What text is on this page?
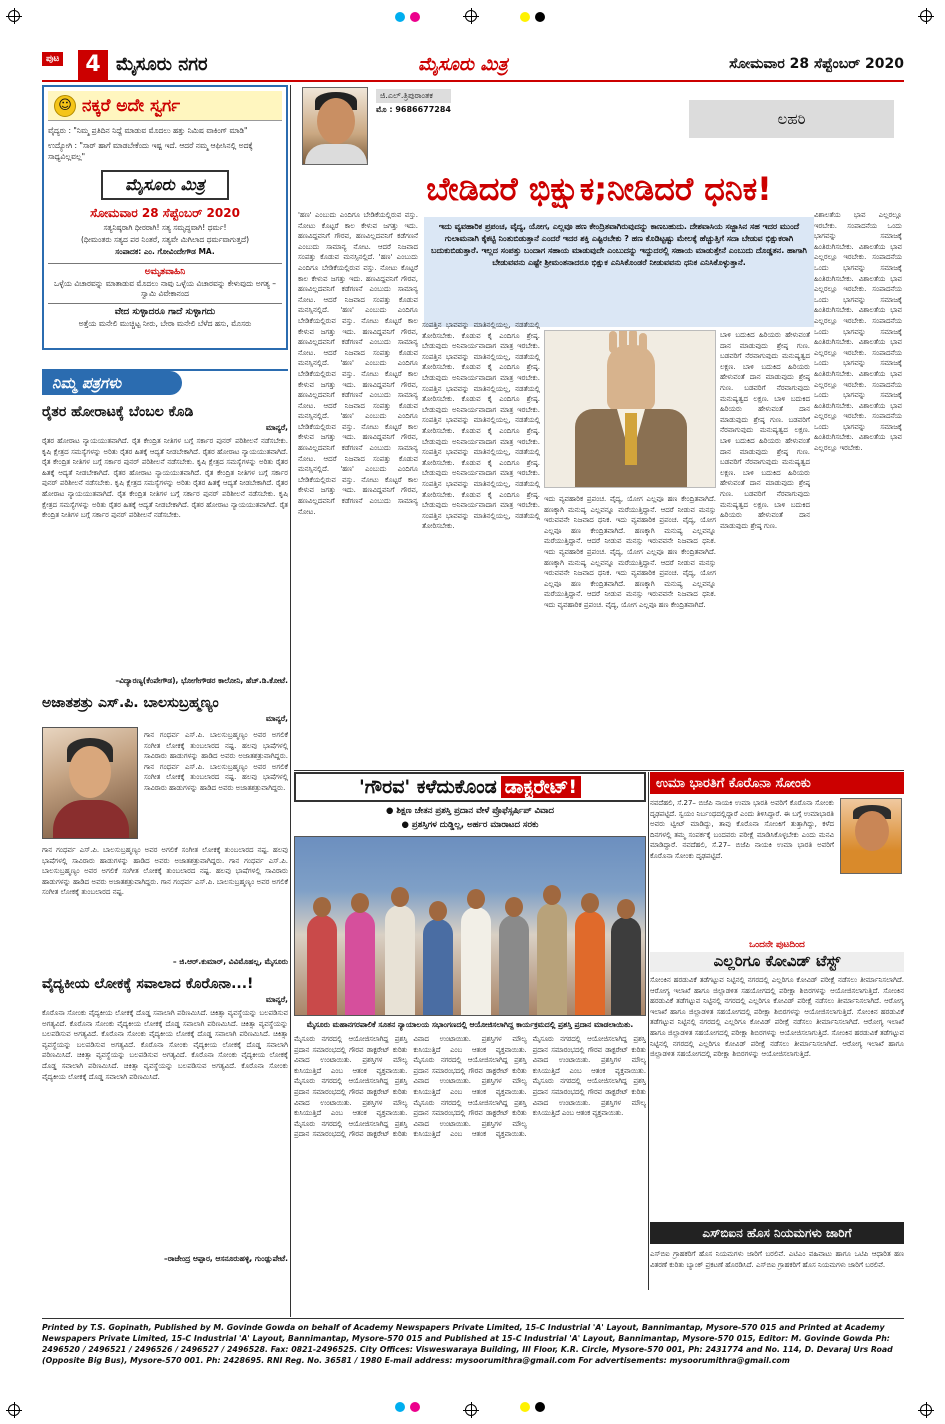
ಪುಟ	4 ಮೈಸೂರು ನಗರ	ಮೈಸೂರು ಮಿತ್ರ	ಸೋಮವಾರ 28 ಸೆಪ್ಟೆಂಬರ್ 2020
☺ ನಕ್ಕರೆ ಅದೇ ಸ್ವರ್ಗ
ವೈದ್ಯರು : "ನಿಮ್ಮ ಪ್ರತಿದಿನ ನಿದ್ದೆ ಮಾಡುವ ಮೊದಲು ಹತ್ತು ನಿಮಿಷ ವಾಕಿಂಗ್ ಮಾಡಿ"
ಉದ್ಯೋಗಿ : "ಸಾರ್ ಹಾಗೆ ಮಾಡಬೇಕೆಂದು ಇಷ್ಟ ಇದೆ. ಆದರೆ ನಮ್ಮ ಆಫೀಸಿನಲ್ಲಿ ಅದಕ್ಕೆ ಸಾಧ್ಯವಿಲ್ಲವಲ್ಲ"
ಮೈಸೂರು ಮಿತ್ರ
ಸೋಮವಾರ 28 ಸೆಪ್ಟೆಂಬರ್ 2020
ಸತ್ಯನಿಷ್ಠರಾಗಿ ಧೀರರಾಗಿ! ಸತ್ಯ ಸಮೃದ್ಧವಾಗಿ! ಧರ್ಮ!
(ಧೀಮಂತರು ಸತ್ಯದ ಪರ ನಿಂತರೆ, ಸತ್ಯವೇ ಮಿಗಿಲಾದ ಧರ್ಮವಾಗುತ್ತದೆ)
ಸಂಪಾದಕ: ಎಂ. ಗೋವಿಂದೇಗೌಡ MA.
ಅಮೃತವಾಹಿನಿ
ಒಳ್ಳೆಯ ವಿಚಾರವನ್ನು ಮಾತಾಡುವ ಮೊದಲು ನಾವು ಒಳ್ಳೆಯ ವಿಚಾರವನ್ನು ಕೇಳುವುದು ಅಗತ್ಯ –ಸ್ವಾಮಿ ವಿವೇಕಾನಂದ
ವೇದ ಸುಳ್ಳಾದರೂ ಗಾದೆ ಸುಳ್ಳಾಗದು
ಅತ್ತೆಯ ಮನೇಲಿ ಮುಚ್ಚಿಟ್ಟ ನೀರು, ಬೇರಾ ಮನೇಲಿ ಬೆಳೆದ ಹಸು, ಮೊಸರು
ನಿಮ್ಮ ಪತ್ರಗಳು
ರೈತರ ಹೋರಾಟಕ್ಕೆ ಬೆಂಬಲ ಕೊಡಿ
ಮಾನ್ಯರೆ,
ರೈತರ ಹೋರಾಟ ನ್ಯಾಯಯುತವಾಗಿದೆ. ರೈತ ಕೇಂದ್ರಿತ ನೀತಿಗಳ ಬಗ್ಗೆ ಸರ್ಕಾರ ಪುನರ್ ಪರಿಶೀಲನೆ ನಡೆಸಬೇಕು. ಕೃಷಿ ಕ್ಷೇತ್ರದ ಸಮಸ್ಯೆಗಳನ್ನು ಅರಿತು ರೈತರ ಹಿತಕ್ಕೆ ಆದ್ಯತೆ ನೀಡಬೇಕಾಗಿದೆ. ರೈತರ ಹೋರಾಟ ನ್ಯಾಯಯುತವಾಗಿದೆ. ರೈತ ಕೇಂದ್ರಿತ ನೀತಿಗಳ ಬಗ್ಗೆ ಸರ್ಕಾರ ಪುನರ್ ಪರಿಶೀಲನೆ ನಡೆಸಬೇಕು. ಕೃಷಿ ಕ್ಷೇತ್ರದ ಸಮಸ್ಯೆಗಳನ್ನು ಅರಿತು ರೈತರ ಹಿತಕ್ಕೆ ಆದ್ಯತೆ ನೀಡಬೇಕಾಗಿದೆ. ರೈತರ ಹೋರಾಟ ನ್ಯಾಯಯುತವಾಗಿದೆ. ರೈತ ಕೇಂದ್ರಿತ ನೀತಿಗಳ ಬಗ್ಗೆ ಸರ್ಕಾರ ಪುನರ್ ಪರಿಶೀಲನೆ ನಡೆಸಬೇಕು. ಕೃಷಿ ಕ್ಷೇತ್ರದ ಸಮಸ್ಯೆಗಳನ್ನು ಅರಿತು ರೈತರ ಹಿತಕ್ಕೆ ಆದ್ಯತೆ ನೀಡಬೇಕಾಗಿದೆ. ರೈತರ ಹೋರಾಟ ನ್ಯಾಯಯುತವಾಗಿದೆ. ರೈತ ಕೇಂದ್ರಿತ ನೀತಿಗಳ ಬಗ್ಗೆ ಸರ್ಕಾರ ಪುನರ್ ಪರಿಶೀಲನೆ ನಡೆಸಬೇಕು. ಕೃಷಿ ಕ್ಷೇತ್ರದ ಸಮಸ್ಯೆಗಳನ್ನು ಅರಿತು ರೈತರ ಹಿತಕ್ಕೆ ಆದ್ಯತೆ ನೀಡಬೇಕಾಗಿದೆ. ರೈತರ ಹೋರಾಟ ನ್ಯಾಯಯುತವಾಗಿದೆ. ರೈತ ಕೇಂದ್ರಿತ ನೀತಿಗಳ ಬಗ್ಗೆ ಸರ್ಕಾರ ಪುನರ್ ಪರಿಶೀಲನೆ ನಡೆಸಬೇಕು.
–ವಿದ್ಯಾರಣ್ಯ(ಕೆಂಪೇಗೌಡ), ಭೋಗೇಗೌಡರ ಕಾಲೋನಿ, ಹೆಚ್.ಡಿ.ಕೋಟೆ.
ಅಜಾತಶತ್ರು ಎಸ್.ಪಿ. ಬಾಲಸುಬ್ರಹ್ಮಣ್ಯಂ
ಮಾನ್ಯರೆ,
ಗಾನ ಗಂಧರ್ವ ಎಸ್.ಪಿ. ಬಾಲಸುಬ್ರಹ್ಮಣ್ಯಂ ಅವರ ಅಗಲಿಕೆ ಸಂಗೀತ ಲೋಕಕ್ಕೆ ತುಂಬಲಾರದ ನಷ್ಟ. ಹಲವು ಭಾಷೆಗಳಲ್ಲಿ ಸಾವಿರಾರು ಹಾಡುಗಳನ್ನು ಹಾಡಿದ ಅವರು ಅಜಾತಶತ್ರುವಾಗಿದ್ದರು. ಗಾನ ಗಂಧರ್ವ ಎಸ್.ಪಿ. ಬಾಲಸುಬ್ರಹ್ಮಣ್ಯಂ ಅವರ ಅಗಲಿಕೆ ಸಂಗೀತ ಲೋಕಕ್ಕೆ ತುಂಬಲಾರದ ನಷ್ಟ. ಹಲವು ಭಾಷೆಗಳಲ್ಲಿ ಸಾವಿರಾರು ಹಾಡುಗಳನ್ನು ಹಾಡಿದ ಅವರು ಅಜಾತಶತ್ರುವಾಗಿದ್ದರು.
ಗಾನ ಗಂಧರ್ವ ಎಸ್.ಪಿ. ಬಾಲಸುಬ್ರಹ್ಮಣ್ಯಂ ಅವರ ಅಗಲಿಕೆ ಸಂಗೀತ ಲೋಕಕ್ಕೆ ತುಂಬಲಾರದ ನಷ್ಟ. ಹಲವು ಭಾಷೆಗಳಲ್ಲಿ ಸಾವಿರಾರು ಹಾಡುಗಳನ್ನು ಹಾಡಿದ ಅವರು ಅಜಾತಶತ್ರುವಾಗಿದ್ದರು. ಗಾನ ಗಂಧರ್ವ ಎಸ್.ಪಿ. ಬಾಲಸುಬ್ರಹ್ಮಣ್ಯಂ ಅವರ ಅಗಲಿಕೆ ಸಂಗೀತ ಲೋಕಕ್ಕೆ ತುಂಬಲಾರದ ನಷ್ಟ. ಹಲವು ಭಾಷೆಗಳಲ್ಲಿ ಸಾವಿರಾರು ಹಾಡುಗಳನ್ನು ಹಾಡಿದ ಅವರು ಅಜಾತಶತ್ರುವಾಗಿದ್ದರು. ಗಾನ ಗಂಧರ್ವ ಎಸ್.ಪಿ. ಬಾಲಸುಬ್ರಹ್ಮಣ್ಯಂ ಅವರ ಅಗಲಿಕೆ ಸಂಗೀತ ಲೋಕಕ್ಕೆ ತುಂಬಲಾರದ ನಷ್ಟ.
– ಜಿ.ಆರ್.ಕುಮಾರ್, ವಿವಿಮೊಹಲ್ಲ, ಮೈಸೂರು
ವೈದ್ಯಕೀಯ ಲೋಕಕ್ಕೆ ಸವಾಲಾದ ಕೊರೊನಾ...!
ಮಾನ್ಯರೆ,
ಕೊರೊನಾ ಸೋಂಕು ವೈದ್ಯಕೀಯ ಲೋಕಕ್ಕೆ ದೊಡ್ಡ ಸವಾಲಾಗಿ ಪರಿಣಮಿಸಿದೆ. ಚಿಕಿತ್ಸಾ ವ್ಯವಸ್ಥೆಯನ್ನು ಬಲಪಡಿಸುವ ಅಗತ್ಯವಿದೆ. ಕೊರೊನಾ ಸೋಂಕು ವೈದ್ಯಕೀಯ ಲೋಕಕ್ಕೆ ದೊಡ್ಡ ಸವಾಲಾಗಿ ಪರಿಣಮಿಸಿದೆ. ಚಿಕಿತ್ಸಾ ವ್ಯವಸ್ಥೆಯನ್ನು ಬಲಪಡಿಸುವ ಅಗತ್ಯವಿದೆ. ಕೊರೊನಾ ಸೋಂಕು ವೈದ್ಯಕೀಯ ಲೋಕಕ್ಕೆ ದೊಡ್ಡ ಸವಾಲಾಗಿ ಪರಿಣಮಿಸಿದೆ. ಚಿಕಿತ್ಸಾ ವ್ಯವಸ್ಥೆಯನ್ನು ಬಲಪಡಿಸುವ ಅಗತ್ಯವಿದೆ. ಕೊರೊನಾ ಸೋಂಕು ವೈದ್ಯಕೀಯ ಲೋಕಕ್ಕೆ ದೊಡ್ಡ ಸವಾಲಾಗಿ ಪರಿಣಮಿಸಿದೆ. ಚಿಕಿತ್ಸಾ ವ್ಯವಸ್ಥೆಯನ್ನು ಬಲಪಡಿಸುವ ಅಗತ್ಯವಿದೆ. ಕೊರೊನಾ ಸೋಂಕು ವೈದ್ಯಕೀಯ ಲೋಕಕ್ಕೆ ದೊಡ್ಡ ಸವಾಲಾಗಿ ಪರಿಣಮಿಸಿದೆ. ಚಿಕಿತ್ಸಾ ವ್ಯವಸ್ಥೆಯನ್ನು ಬಲಪಡಿಸುವ ಅಗತ್ಯವಿದೆ. ಕೊರೊನಾ ಸೋಂಕು ವೈದ್ಯಕೀಯ ಲೋಕಕ್ಕೆ ದೊಡ್ಡ ಸವಾಲಾಗಿ ಪರಿಣಮಿಸಿದೆ.
–ರಾಜೇಂದ್ರ ಆಪ್ಪಾರ, ಆಸನೂರುಹಳ್ಳಿ, ಗುಂಡ್ಲುಪೇಟೆ.
ಜಿ.ಎಲ್.ತ್ರಿಪುರಾಂತಕ
ಮೊ : 9686677284
ಲಹರಿ
ಬೇಡಿದರೆ ಭಿಕ್ಷುಕ;ನೀಡಿದರೆ ಧನಿಕ!
ಇದು ವ್ಯವಹಾರಿಕ ಪ್ರಪಂಚ, ವೈದ್ಯ, ಯೋಗ, ಎಲ್ಲವೂ ಹಣ ಕೇಂದ್ರಿತವಾಗಿರುವುದನ್ನು ಕಾಣಬಹುದು. ದೇಶವಾಸಿಯ ಸಜ್ಜಾಸಿನ ಸಹ ಇದರ ಮುಂದೆ ಗುಲಾಮನಾಗಿ ಕೈಕಟ್ಟಿ ನಿಂತುಬಿಡುತ್ತಾನೆ ಎಂದರೆ ಇದರ ಶಕ್ತಿ ಎಷ್ಟಿರಬೇಕು ? ಹಣ ಕೊಡಿಟ್ಟಷ್ಟು ಮೇಲಕ್ಕೆ ಹೆಚ್ಚುತ್ತಿಗೆ ಸದಾ ಬೇಡುವ ಭಿಕ್ಷುಕರಾಗಿ ಬದುಕುಬಿಡುತ್ತಾರೆ. ಇಲ್ಲದ ಸಂಪತ್ತು ಬಂದಾಗ ಸಹಾಯ ಮಾಡುವುದೇ ಎಂಬುದನ್ನು ಇದ್ದುದರಲ್ಲಿ ಸಹಾಯ ಮಾಡುತ್ತೇನೆ ಎಂಬುದು ದೊಡ್ಡತನ. ಹಾಗಾಗಿ ಬೇಡುವವನು ಎಷ್ಟೇ ಶ್ರೀಮಂತನಾದರೂ ಭಿಕ್ಷುಕ ಎನಿಸಿಕೊಂಡರೆ ನೀಡುವವನು ಧನಿಕ ಎನಿಸಿಕೊಳ್ಳುತ್ತಾನೆ.
'ಹಣ' ಎಂಬುದು ಎಂದಿಗೂ ಬೇಡಿಕೆಯಲ್ಲಿರುವ ವಸ್ತು. ನೋಟು ಕೊಟ್ಟರೆ ಕಾಲ ಕೇಳುವ ಜಗತ್ತು ಇದು. ಹಣವಿದ್ದವನಿಗೆ ಗೌರವ, ಹಣವಿಲ್ಲದವನಿಗೆ ಕಡೆಗಣನೆ ಎಂಬುದು ಸಾಮಾನ್ಯ ನೋಟ. ಆದರೆ ನಿಜವಾದ ಸಂಪತ್ತು ಕೊಡುವ ಮನಸ್ಸಿನಲ್ಲಿದೆ. 'ಹಣ' ಎಂಬುದು ಎಂದಿಗೂ ಬೇಡಿಕೆಯಲ್ಲಿರುವ ವಸ್ತು. ನೋಟು ಕೊಟ್ಟರೆ ಕಾಲ ಕೇಳುವ ಜಗತ್ತು ಇದು. ಹಣವಿದ್ದವನಿಗೆ ಗೌರವ, ಹಣವಿಲ್ಲದವನಿಗೆ ಕಡೆಗಣನೆ ಎಂಬುದು ಸಾಮಾನ್ಯ ನೋಟ. ಆದರೆ ನಿಜವಾದ ಸಂಪತ್ತು ಕೊಡುವ ಮನಸ್ಸಿನಲ್ಲಿದೆ. 'ಹಣ' ಎಂಬುದು ಎಂದಿಗೂ ಬೇಡಿಕೆಯಲ್ಲಿರುವ ವಸ್ತು. ನೋಟು ಕೊಟ್ಟರೆ ಕಾಲ ಕೇಳುವ ಜಗತ್ತು ಇದು. ಹಣವಿದ್ದವನಿಗೆ ಗೌರವ, ಹಣವಿಲ್ಲದವನಿಗೆ ಕಡೆಗಣನೆ ಎಂಬುದು ಸಾಮಾನ್ಯ ನೋಟ. ಆದರೆ ನಿಜವಾದ ಸಂಪತ್ತು ಕೊಡುವ ಮನಸ್ಸಿನಲ್ಲಿದೆ. 'ಹಣ' ಎಂಬುದು ಎಂದಿಗೂ ಬೇಡಿಕೆಯಲ್ಲಿರುವ ವಸ್ತು. ನೋಟು ಕೊಟ್ಟರೆ ಕಾಲ ಕೇಳುವ ಜಗತ್ತು ಇದು. ಹಣವಿದ್ದವನಿಗೆ ಗೌರವ, ಹಣವಿಲ್ಲದವನಿಗೆ ಕಡೆಗಣನೆ ಎಂಬುದು ಸಾಮಾನ್ಯ ನೋಟ. ಆದರೆ ನಿಜವಾದ ಸಂಪತ್ತು ಕೊಡುವ ಮನಸ್ಸಿನಲ್ಲಿದೆ. 'ಹಣ' ಎಂಬುದು ಎಂದಿಗೂ ಬೇಡಿಕೆಯಲ್ಲಿರುವ ವಸ್ತು. ನೋಟು ಕೊಟ್ಟರೆ ಕಾಲ ಕೇಳುವ ಜಗತ್ತು ಇದು. ಹಣವಿದ್ದವನಿಗೆ ಗೌರವ, ಹಣವಿಲ್ಲದವನಿಗೆ ಕಡೆಗಣನೆ ಎಂಬುದು ಸಾಮಾನ್ಯ ನೋಟ. ಆದರೆ ನಿಜವಾದ ಸಂಪತ್ತು ಕೊಡುವ ಮನಸ್ಸಿನಲ್ಲಿದೆ. 'ಹಣ' ಎಂಬುದು ಎಂದಿಗೂ ಬೇಡಿಕೆಯಲ್ಲಿರುವ ವಸ್ತು. ನೋಟು ಕೊಟ್ಟರೆ ಕಾಲ ಕೇಳುವ ಜಗತ್ತು ಇದು. ಹಣವಿದ್ದವನಿಗೆ ಗೌರವ, ಹಣವಿಲ್ಲದವನಿಗೆ ಕಡೆಗಣನೆ ಎಂಬುದು ಸಾಮಾನ್ಯ ನೋಟ.
ಸಂಪತ್ತಿನ ಭಾವವನ್ನು ಮಾತಿನಲ್ಲಿಯಲ್ಲ, ನಡತೆಯಲ್ಲಿ ತೋರಿಸಬೇಕು. ಕೊಡುವ ಕೈ ಎಂದಿಗೂ ಶ್ರೇಷ್ಠ. ಬೇಡುವುದು ಅನಿವಾರ್ಯವಾದಾಗ ಮಾತ್ರ ಇರಬೇಕು. ಸಂಪತ್ತಿನ ಭಾವವನ್ನು ಮಾತಿನಲ್ಲಿಯಲ್ಲ, ನಡತೆಯಲ್ಲಿ ತೋರಿಸಬೇಕು. ಕೊಡುವ ಕೈ ಎಂದಿಗೂ ಶ್ರೇಷ್ಠ. ಬೇಡುವುದು ಅನಿವಾರ್ಯವಾದಾಗ ಮಾತ್ರ ಇರಬೇಕು. ಸಂಪತ್ತಿನ ಭಾವವನ್ನು ಮಾತಿನಲ್ಲಿಯಲ್ಲ, ನಡತೆಯಲ್ಲಿ ತೋರಿಸಬೇಕು. ಕೊಡುವ ಕೈ ಎಂದಿಗೂ ಶ್ರೇಷ್ಠ. ಬೇಡುವುದು ಅನಿವಾರ್ಯವಾದಾಗ ಮಾತ್ರ ಇರಬೇಕು. ಸಂಪತ್ತಿನ ಭಾವವನ್ನು ಮಾತಿನಲ್ಲಿಯಲ್ಲ, ನಡತೆಯಲ್ಲಿ ತೋರಿಸಬೇಕು. ಕೊಡುವ ಕೈ ಎಂದಿಗೂ ಶ್ರೇಷ್ಠ. ಬೇಡುವುದು ಅನಿವಾರ್ಯವಾದಾಗ ಮಾತ್ರ ಇರಬೇಕು. ಸಂಪತ್ತಿನ ಭಾವವನ್ನು ಮಾತಿನಲ್ಲಿಯಲ್ಲ, ನಡತೆಯಲ್ಲಿ ತೋರಿಸಬೇಕು. ಕೊಡುವ ಕೈ ಎಂದಿಗೂ ಶ್ರೇಷ್ಠ. ಬೇಡುವುದು ಅನಿವಾರ್ಯವಾದಾಗ ಮಾತ್ರ ಇರಬೇಕು. ಸಂಪತ್ತಿನ ಭಾವವನ್ನು ಮಾತಿನಲ್ಲಿಯಲ್ಲ, ನಡತೆಯಲ್ಲಿ ತೋರಿಸಬೇಕು. ಕೊಡುವ ಕೈ ಎಂದಿಗೂ ಶ್ರೇಷ್ಠ. ಬೇಡುವುದು ಅನಿವಾರ್ಯವಾದಾಗ ಮಾತ್ರ ಇರಬೇಕು. ಸಂಪತ್ತಿನ ಭಾವವನ್ನು ಮಾತಿನಲ್ಲಿಯಲ್ಲ, ನಡತೆಯಲ್ಲಿ ತೋರಿಸಬೇಕು.
ಇದು ವ್ಯವಹಾರಿಕ ಪ್ರಪಂಚ. ವೈದ್ಯ, ಯೋಗ ಎಲ್ಲವೂ ಹಣ ಕೇಂದ್ರಿತವಾಗಿದೆ. ಹಣಕ್ಕಾಗಿ ಮನುಷ್ಯ ಎಲ್ಲವನ್ನೂ ಮರೆಯುತ್ತಿದ್ದಾನೆ. ಆದರೆ ನೀಡುವ ಮನಸ್ಸು ಇರುವವನೇ ನಿಜವಾದ ಧನಿಕ. ಇದು ವ್ಯವಹಾರಿಕ ಪ್ರಪಂಚ. ವೈದ್ಯ, ಯೋಗ ಎಲ್ಲವೂ ಹಣ ಕೇಂದ್ರಿತವಾಗಿದೆ. ಹಣಕ್ಕಾಗಿ ಮನುಷ್ಯ ಎಲ್ಲವನ್ನೂ ಮರೆಯುತ್ತಿದ್ದಾನೆ. ಆದರೆ ನೀಡುವ ಮನಸ್ಸು ಇರುವವನೇ ನಿಜವಾದ ಧನಿಕ. ಇದು ವ್ಯವಹಾರಿಕ ಪ್ರಪಂಚ. ವೈದ್ಯ, ಯೋಗ ಎಲ್ಲವೂ ಹಣ ಕೇಂದ್ರಿತವಾಗಿದೆ. ಹಣಕ್ಕಾಗಿ ಮನುಷ್ಯ ಎಲ್ಲವನ್ನೂ ಮರೆಯುತ್ತಿದ್ದಾನೆ. ಆದರೆ ನೀಡುವ ಮನಸ್ಸು ಇರುವವನೇ ನಿಜವಾದ ಧನಿಕ. ಇದು ವ್ಯವಹಾರಿಕ ಪ್ರಪಂಚ. ವೈದ್ಯ, ಯೋಗ ಎಲ್ಲವೂ ಹಣ ಕೇಂದ್ರಿತವಾಗಿದೆ. ಹಣಕ್ಕಾಗಿ ಮನುಷ್ಯ ಎಲ್ಲವನ್ನೂ ಮರೆಯುತ್ತಿದ್ದಾನೆ. ಆದರೆ ನೀಡುವ ಮನಸ್ಸು ಇರುವವನೇ ನಿಜವಾದ ಧನಿಕ. ಇದು ವ್ಯವಹಾರಿಕ ಪ್ರಪಂಚ. ವೈದ್ಯ, ಯೋಗ ಎಲ್ಲವೂ ಹಣ ಕೇಂದ್ರಿತವಾಗಿದೆ.
ಬಾಳಿ ಬದುಕಿದ ಹಿರಿಯರು ಹೇಳುವಂತೆ ದಾನ ಮಾಡುವುದು ಶ್ರೇಷ್ಠ ಗುಣ. ಬಡವರಿಗೆ ನೆರವಾಗುವುದು ಮನುಷ್ಯತ್ವದ ಲಕ್ಷಣ. ಬಾಳಿ ಬದುಕಿದ ಹಿರಿಯರು ಹೇಳುವಂತೆ ದಾನ ಮಾಡುವುದು ಶ್ರೇಷ್ಠ ಗುಣ. ಬಡವರಿಗೆ ನೆರವಾಗುವುದು ಮನುಷ್ಯತ್ವದ ಲಕ್ಷಣ. ಬಾಳಿ ಬದುಕಿದ ಹಿರಿಯರು ಹೇಳುವಂತೆ ದಾನ ಮಾಡುವುದು ಶ್ರೇಷ್ಠ ಗುಣ. ಬಡವರಿಗೆ ನೆರವಾಗುವುದು ಮನುಷ್ಯತ್ವದ ಲಕ್ಷಣ. ಬಾಳಿ ಬದುಕಿದ ಹಿರಿಯರು ಹೇಳುವಂತೆ ದಾನ ಮಾಡುವುದು ಶ್ರೇಷ್ಠ ಗುಣ. ಬಡವರಿಗೆ ನೆರವಾಗುವುದು ಮನುಷ್ಯತ್ವದ ಲಕ್ಷಣ. ಬಾಳಿ ಬದುಕಿದ ಹಿರಿಯರು ಹೇಳುವಂತೆ ದಾನ ಮಾಡುವುದು ಶ್ರೇಷ್ಠ ಗುಣ. ಬಡವರಿಗೆ ನೆರವಾಗುವುದು ಮನುಷ್ಯತ್ವದ ಲಕ್ಷಣ. ಬಾಳಿ ಬದುಕಿದ ಹಿರಿಯರು ಹೇಳುವಂತೆ ದಾನ ಮಾಡುವುದು ಶ್ರೇಷ್ಠ ಗುಣ.
ವಿಶಾಲತೆಯ ಭಾವ ಎಲ್ಲರಲ್ಲೂ ಇರಬೇಕು. ಸಂಪಾದನೆಯ ಒಂದು ಭಾಗವನ್ನು ಸಮಾಜಕ್ಕೆ ಹಿಂತಿರುಗಿಸಬೇಕು. ವಿಶಾಲತೆಯ ಭಾವ ಎಲ್ಲರಲ್ಲೂ ಇರಬೇಕು. ಸಂಪಾದನೆಯ ಒಂದು ಭಾಗವನ್ನು ಸಮಾಜಕ್ಕೆ ಹಿಂತಿರುಗಿಸಬೇಕು. ವಿಶಾಲತೆಯ ಭಾವ ಎಲ್ಲರಲ್ಲೂ ಇರಬೇಕು. ಸಂಪಾದನೆಯ ಒಂದು ಭಾಗವನ್ನು ಸಮಾಜಕ್ಕೆ ಹಿಂತಿರುಗಿಸಬೇಕು. ವಿಶಾಲತೆಯ ಭಾವ ಎಲ್ಲರಲ್ಲೂ ಇರಬೇಕು. ಸಂಪಾದನೆಯ ಒಂದು ಭಾಗವನ್ನು ಸಮಾಜಕ್ಕೆ ಹಿಂತಿರುಗಿಸಬೇಕು. ವಿಶಾಲತೆಯ ಭಾವ ಎಲ್ಲರಲ್ಲೂ ಇರಬೇಕು. ಸಂಪಾದನೆಯ ಒಂದು ಭಾಗವನ್ನು ಸಮಾಜಕ್ಕೆ ಹಿಂತಿರುಗಿಸಬೇಕು. ವಿಶಾಲತೆಯ ಭಾವ ಎಲ್ಲರಲ್ಲೂ ಇರಬೇಕು. ಸಂಪಾದನೆಯ ಒಂದು ಭಾಗವನ್ನು ಸಮಾಜಕ್ಕೆ ಹಿಂತಿರುಗಿಸಬೇಕು. ವಿಶಾಲತೆಯ ಭಾವ ಎಲ್ಲರಲ್ಲೂ ಇರಬೇಕು. ಸಂಪಾದನೆಯ ಒಂದು ಭಾಗವನ್ನು ಸಮಾಜಕ್ಕೆ ಹಿಂತಿರುಗಿಸಬೇಕು. ವಿಶಾಲತೆಯ ಭಾವ ಎಲ್ಲರಲ್ಲೂ ಇರಬೇಕು.
'ಗೌರವ' ಕಳೆದುಕೊಂಡ ಡಾಕ್ಟರೇಟ್!
● ಶಿಕ್ಷಣ ಚೇತನ ಪ್ರಶಸ್ತಿ ಪ್ರದಾನ ವೇಳೆ ಪ್ರೊಫೆಸ್ಸರ್ಷಿಪ್ ವಿವಾದ
● ಪ್ರಶಸ್ತಿಗಳ ದುಡ್ಡಿಲ್ಲ, ಅರ್ಹರ ಮಾರಾಟದ ಸರಕು
ಮೈಸೂರು ಮಹಾನಗರಪಾಲಿಕೆ ಸೂತನ ನ್ಯಾಯಾಲಯ ಸಭಾಂಗಣದಲ್ಲಿ ಆಯೋಜಿಸಲಾಗಿದ್ದ ಕಾರ್ಯಕ್ರಮದಲ್ಲಿ ಪ್ರಶಸ್ತಿ ಪ್ರದಾನ ಮಾಡಲಾಯಿತು.
ಮೈಸೂರು ನಗರದಲ್ಲಿ ಆಯೋಜಿಸಲಾಗಿದ್ದ ಪ್ರಶಸ್ತಿ ಪ್ರದಾನ ಸಮಾರಂಭದಲ್ಲಿ ಗೌರವ ಡಾಕ್ಟರೇಟ್ ಕುರಿತು ವಿವಾದ ಉಂಟಾಯಿತು. ಪ್ರಶಸ್ತಿಗಳ ಮೌಲ್ಯ ಕುಸಿಯುತ್ತಿದೆ ಎಂಬ ಆತಂಕ ವ್ಯಕ್ತವಾಯಿತು. ಮೈಸೂರು ನಗರದಲ್ಲಿ ಆಯೋಜಿಸಲಾಗಿದ್ದ ಪ್ರಶಸ್ತಿ ಪ್ರದಾನ ಸಮಾರಂಭದಲ್ಲಿ ಗೌರವ ಡಾಕ್ಟರೇಟ್ ಕುರಿತು ವಿವಾದ ಉಂಟಾಯಿತು. ಪ್ರಶಸ್ತಿಗಳ ಮೌಲ್ಯ ಕುಸಿಯುತ್ತಿದೆ ಎಂಬ ಆತಂಕ ವ್ಯಕ್ತವಾಯಿತು. ಮೈಸೂರು ನಗರದಲ್ಲಿ ಆಯೋಜಿಸಲಾಗಿದ್ದ ಪ್ರಶಸ್ತಿ ಪ್ರದಾನ ಸಮಾರಂಭದಲ್ಲಿ ಗೌರವ ಡಾಕ್ಟರೇಟ್ ಕುರಿತು ವಿವಾದ ಉಂಟಾಯಿತು. ಪ್ರಶಸ್ತಿಗಳ ಮೌಲ್ಯ ಕುಸಿಯುತ್ತಿದೆ ಎಂಬ ಆತಂಕ ವ್ಯಕ್ತವಾಯಿತು. ಮೈಸೂರು ನಗರದಲ್ಲಿ ಆಯೋಜಿಸಲಾಗಿದ್ದ ಪ್ರಶಸ್ತಿ ಪ್ರದಾನ ಸಮಾರಂಭದಲ್ಲಿ ಗೌರವ ಡಾಕ್ಟರೇಟ್ ಕುರಿತು ವಿವಾದ ಉಂಟಾಯಿತು. ಪ್ರಶಸ್ತಿಗಳ ಮೌಲ್ಯ ಕುಸಿಯುತ್ತಿದೆ ಎಂಬ ಆತಂಕ ವ್ಯಕ್ತವಾಯಿತು. ಮೈಸೂರು ನಗರದಲ್ಲಿ ಆಯೋಜಿಸಲಾಗಿದ್ದ ಪ್ರಶಸ್ತಿ ಪ್ರದಾನ ಸಮಾರಂಭದಲ್ಲಿ ಗೌರವ ಡಾಕ್ಟರೇಟ್ ಕುರಿತು ವಿವಾದ ಉಂಟಾಯಿತು. ಪ್ರಶಸ್ತಿಗಳ ಮೌಲ್ಯ ಕುಸಿಯುತ್ತಿದೆ ಎಂಬ ಆತಂಕ ವ್ಯಕ್ತವಾಯಿತು. ಮೈಸೂರು ನಗರದಲ್ಲಿ ಆಯೋಜಿಸಲಾಗಿದ್ದ ಪ್ರಶಸ್ತಿ ಪ್ರದಾನ ಸಮಾರಂಭದಲ್ಲಿ ಗೌರವ ಡಾಕ್ಟರೇಟ್ ಕುರಿತು ವಿವಾದ ಉಂಟಾಯಿತು. ಪ್ರಶಸ್ತಿಗಳ ಮೌಲ್ಯ ಕುಸಿಯುತ್ತಿದೆ ಎಂಬ ಆತಂಕ ವ್ಯಕ್ತವಾಯಿತು. ಮೈಸೂರು ನಗರದಲ್ಲಿ ಆಯೋಜಿಸಲಾಗಿದ್ದ ಪ್ರಶಸ್ತಿ ಪ್ರದಾನ ಸಮಾರಂಭದಲ್ಲಿ ಗೌರವ ಡಾಕ್ಟರೇಟ್ ಕುರಿತು ವಿವಾದ ಉಂಟಾಯಿತು. ಪ್ರಶಸ್ತಿಗಳ ಮೌಲ್ಯ ಕುಸಿಯುತ್ತಿದೆ ಎಂಬ ಆತಂಕ ವ್ಯಕ್ತವಾಯಿತು.
ಉಮಾ ಭಾರತಿಗೆ ಕೊರೊನಾ ಸೋಂಕು
ನವದೆಹಲಿ, ಸೆ.27– ಬಿಜೆಪಿ ನಾಯಕಿ ಉಮಾ ಭಾರತಿ ಅವರಿಗೆ ಕೊರೊನಾ ಸೋಂಕು ದೃಢಪಟ್ಟಿದೆ. ಸ್ವಯಂ ನಿರ್ಬಂಧದಲ್ಲಿದ್ದಾರೆ ಎಂದು ತಿಳಿಸಿದ್ದಾರೆ. ಈ ಬಗ್ಗೆ ಉಮಾಭಾರತಿ ಅವರು ಟ್ವೀಟ್ ಮಾಡಿದ್ದು, ತಾವು ಕೊರೊನಾ ಸೋಂಕಿಗೆ ತುತ್ತಾಗಿದ್ದು, ಕಳೆದ ದಿನಗಳಲ್ಲಿ ತಮ್ಮ ಸಂಪರ್ಕಕ್ಕೆ ಬಂದವರು ಪರೀಕ್ಷೆ ಮಾಡಿಸಿಕೊಳ್ಳಬೇಕು ಎಂದು ಮನವಿ ಮಾಡಿದ್ದಾರೆ. ನವದೆಹಲಿ, ಸೆ.27– ಬಿಜೆಪಿ ನಾಯಕಿ ಉಮಾ ಭಾರತಿ ಅವರಿಗೆ ಕೊರೊನಾ ಸೋಂಕು ದೃಢಪಟ್ಟಿದೆ.
ಒಂದನೇ ಪುಟದಿಂದ
ಎಲ್ಲರಿಗೂ ಕೋವಿಡ್ ಟೆಸ್ಟ್
ಸೋಂಕಿನ ಹರಡುವಿಕೆ ತಡೆಗಟ್ಟುವ ನಿಟ್ಟಿನಲ್ಲಿ ನಗರದಲ್ಲಿ ಎಲ್ಲರಿಗೂ ಕೋವಿಡ್ ಪರೀಕ್ಷೆ ನಡೆಸಲು ತೀರ್ಮಾನಿಸಲಾಗಿದೆ. ಆರೋಗ್ಯ ಇಲಾಖೆ ಹಾಗೂ ಜಿಲ್ಲಾಡಳಿತ ಸಹಯೋಗದಲ್ಲಿ ಪರೀಕ್ಷಾ ಶಿಬಿರಗಳನ್ನು ಆಯೋಜಿಸಲಾಗುತ್ತಿದೆ. ಸೋಂಕಿನ ಹರಡುವಿಕೆ ತಡೆಗಟ್ಟುವ ನಿಟ್ಟಿನಲ್ಲಿ ನಗರದಲ್ಲಿ ಎಲ್ಲರಿಗೂ ಕೋವಿಡ್ ಪರೀಕ್ಷೆ ನಡೆಸಲು ತೀರ್ಮಾನಿಸಲಾಗಿದೆ. ಆರೋಗ್ಯ ಇಲಾಖೆ ಹಾಗೂ ಜಿಲ್ಲಾಡಳಿತ ಸಹಯೋಗದಲ್ಲಿ ಪರೀಕ್ಷಾ ಶಿಬಿರಗಳನ್ನು ಆಯೋಜಿಸಲಾಗುತ್ತಿದೆ. ಸೋಂಕಿನ ಹರಡುವಿಕೆ ತಡೆಗಟ್ಟುವ ನಿಟ್ಟಿನಲ್ಲಿ ನಗರದಲ್ಲಿ ಎಲ್ಲರಿಗೂ ಕೋವಿಡ್ ಪರೀಕ್ಷೆ ನಡೆಸಲು ತೀರ್ಮಾನಿಸಲಾಗಿದೆ. ಆರೋಗ್ಯ ಇಲಾಖೆ ಹಾಗೂ ಜಿಲ್ಲಾಡಳಿತ ಸಹಯೋಗದಲ್ಲಿ ಪರೀಕ್ಷಾ ಶಿಬಿರಗಳನ್ನು ಆಯೋಜಿಸಲಾಗುತ್ತಿದೆ. ಸೋಂಕಿನ ಹರಡುವಿಕೆ ತಡೆಗಟ್ಟುವ ನಿಟ್ಟಿನಲ್ಲಿ ನಗರದಲ್ಲಿ ಎಲ್ಲರಿಗೂ ಕೋವಿಡ್ ಪರೀಕ್ಷೆ ನಡೆಸಲು ತೀರ್ಮಾನಿಸಲಾಗಿದೆ. ಆರೋಗ್ಯ ಇಲಾಖೆ ಹಾಗೂ ಜಿಲ್ಲಾಡಳಿತ ಸಹಯೋಗದಲ್ಲಿ ಪರೀಕ್ಷಾ ಶಿಬಿರಗಳನ್ನು ಆಯೋಜಿಸಲಾಗುತ್ತಿದೆ.
ಎಸ್‌ಬಿಐನ ಹೊಸ ನಿಯಮಗಳು ಜಾರಿಗೆ
ಎಸ್‌ಬಿಐ ಗ್ರಾಹಕರಿಗೆ ಹೊಸ ನಿಯಮಗಳು ಜಾರಿಗೆ ಬರಲಿವೆ. ಎಟಿಎಂ ವಹಿವಾಟು ಹಾಗೂ ಒಟಿಪಿ ಆಧಾರಿತ ಹಣ ವಿತರಣೆ ಕುರಿತು ಬ್ಯಾಂಕ್ ಪ್ರಕಟಣೆ ಹೊರಡಿಸಿದೆ. ಎಸ್‌ಬಿಐ ಗ್ರಾಹಕರಿಗೆ ಹೊಸ ನಿಯಮಗಳು ಜಾರಿಗೆ ಬರಲಿವೆ.
Printed by T.S. Gopinath, Published by M. Govinde Gowda on behalf of Academy Newspapers Private Limited, 15-C Industrial 'A' Layout, Bannimantap, Mysore-570 015 and Printed at Academy Newspapers Private Limited, 15-C Industrial 'A' Layout, Bannimantap, Mysore-570 015 and Published at 15-C Industrial 'A' Layout, Bannimantap, Mysore-570 015, Editor: M. Govinde Gowda Ph: 2496520 / 2496521 / 2496526 / 2496527 / 2496528. Fax: 0821-2496525. City Offices: Visweswaraya Building, III Floor, K.R. Circle, Mysore-570 001, Ph: 2431774 and No. 114, D. Devaraj Urs Road (Opposite Big Bus), Mysore-570 001. Ph: 2428695. RNI Reg. No. 36581 / 1980 E-mail address: mysoorumithra@gmail.com For advertisements: mysoorumithra@gmail.com
